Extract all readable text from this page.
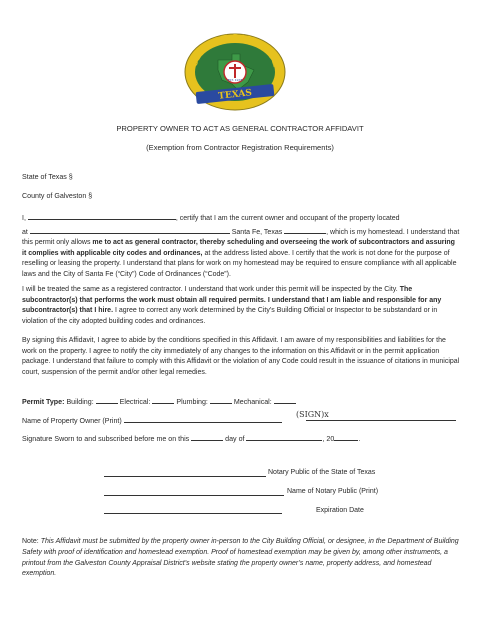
EST. 1978
CITY OF SANTA FE
TEXAS
PROPERTY OWNER TO ACT AS GENERAL CONTRACTOR AFFIDAVIT
(Exemption from Contractor Registration Requirements)
State of Texas §
County of Galveston §
I,	, certify that I am the current owner and occupant of the property located
at	Santa Fe, Texas	, which is my homestead. I understand that this permit only allows me to act as general contractor, thereby scheduling and overseeing the work of subcontractors and assuring it complies with applicable city codes and ordinances, at the address listed above. I certify that the work is not done for the purpose of reselling or leasing the property. I understand that plans for work on my homestead may be required to ensure compliance with all applicable laws and the City of Santa Fe (“City”) Code of Ordinances (“Code”).
I will be treated the same as a registered contractor. I understand that work under this permit will be inspected by the City. The subcontractor(s) that performs the work must obtain all required permits. I understand that I am liable and responsible for any subcontractor(s) that I hire. I agree to correct any work determined by the City’s Building Official or Inspector to be substandard or in violation of the city adopted building codes and ordinances.
By signing this Affidavit, I agree to abide by the conditions specified in this Affidavit. I am aware of my responsibilities and liabilities for the work on the property. I agree to notify the city immediately of any changes to the information on this Affidavit or in the permit application package. I understand that failure to comply with this Affidavit or the violation of any Code could result in the issuance of citations in municipal court, suspension of the permit and/or other legal remedies.
Permit Type: Building:	Electrical:	Plumbing:	Mechanical:
Name of Property Owner (Print)
(SIGN)x
Signature Sworn to and subscribed before me on this	day of	, 20	.
Notary Public of the State of Texas
Name of Notary Public (Print)
Expiration Date
Note: This Affidavit must be submitted by the property owner in-person to the City Building Official, or designee, in the Department of Building Safety with proof of identification and homestead exemption. Proof of homestead exemption may be given by, among other instruments, a printout from the Galveston County Appraisal District’s website stating the property owner’s name, property address, and homestead exemption.
